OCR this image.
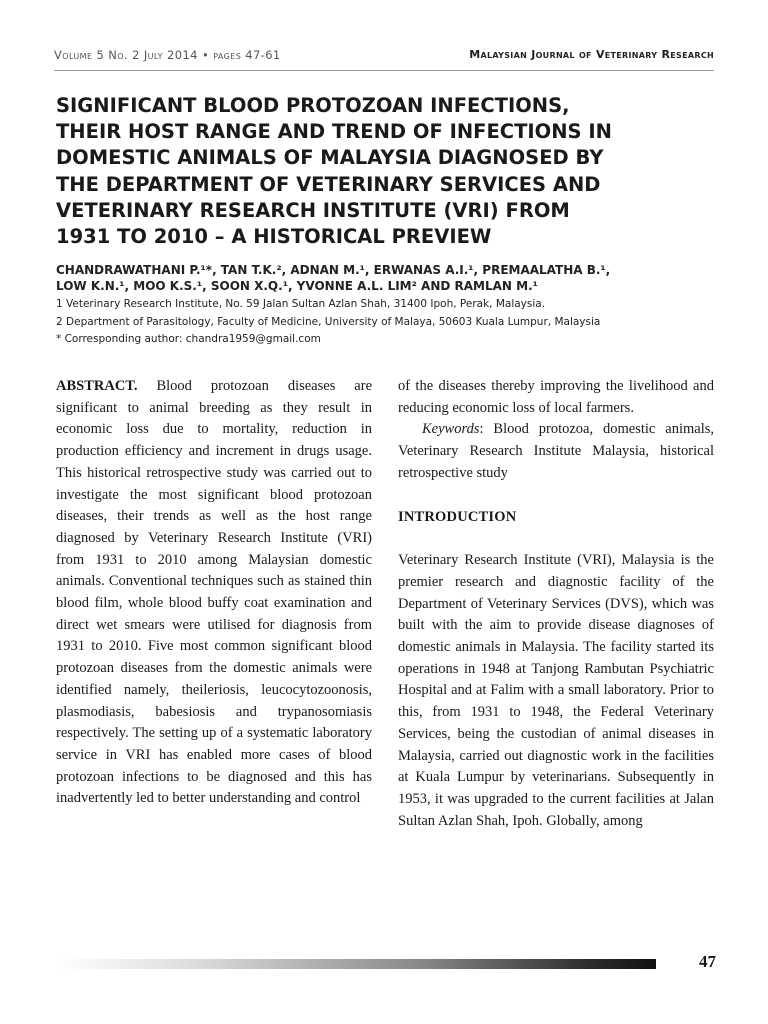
Volume 5 No. 2 July 2014 • pages 47-61	Malaysian Journal of Veterinary Research
SIGNIFICANT BLOOD PROTOZOAN INFECTIONS,
THEIR HOST RANGE AND TREND OF INFECTIONS IN
DOMESTIC ANIMALS OF MALAYSIA DIAGNOSED BY
THE DEPARTMENT OF VETERINARY SERVICES AND
VETERINARY RESEARCH INSTITUTE (VRI) FROM
1931 TO 2010 – A HISTORICAL PREVIEW
CHANDRAWATHANI P.¹*, TAN T.K.², ADNAN M.¹, ERWANAS A.I.¹, PREMAALATHA B.¹,
LOW K.N.¹, MOO K.S.¹, SOON X.Q.¹, YVONNE A.L. LIM² AND RAMLAN M.¹
1 Veterinary Research Institute, No. 59 Jalan Sultan Azlan Shah, 31400 Ipoh, Perak, Malaysia.
2 Department of Parasitology, Faculty of Medicine, University of Malaya, 50603 Kuala Lumpur, Malaysia
* Corresponding author: chandra1959@gmail.com

ABSTRACT. Blood protozoan diseases are significant to animal breeding as they result in economic loss due to mortality, reduction in production efficiency and increment in drugs usage. This historical retrospective study was carried out to investigate the most significant blood protozoan diseases, their trends as well as the host range diagnosed by Veterinary Research Institute (VRI) from 1931 to 2010 among Malaysian domestic animals. Conventional techniques such as stained thin blood film, whole blood buffy coat examination and direct wet smears were utilised for diagnosis from 1931 to 2010. Five most common significant blood protozoan diseases from the domestic animals were identified namely, theileriosis, leucocytozoonosis, plasmodiasis, babesiosis and trypanosomiasis respectively. The setting up of a systematic laboratory service in VRI has enabled more cases of blood protozoan infections to be diagnosed and this has inadvertently led to better understanding and control

of the diseases thereby improving the livelihood and reducing economic loss of local farmers.

Keywords: Blood protozoa, domestic animals, Veterinary Research Institute Malaysia, historical retrospective study

INTRODUCTION

Veterinary Research Institute (VRI), Malaysia is the premier research and diagnostic facility of the Department of Veterinary Services (DVS), which was built with the aim to provide disease diagnoses of domestic animals in Malaysia. The facility started its operations in 1948 at Tanjong Rambutan Psychiatric Hospital and at Falim with a small laboratory. Prior to this, from 1931 to 1948, the Federal Veterinary Services, being the custodian of animal diseases in Malaysia, carried out diagnostic work in the facilities at Kuala Lumpur by veterinarians. Subsequently in 1953, it was upgraded to the current facilities at Jalan Sultan Azlan Shah, Ipoh. Globally, among

47
